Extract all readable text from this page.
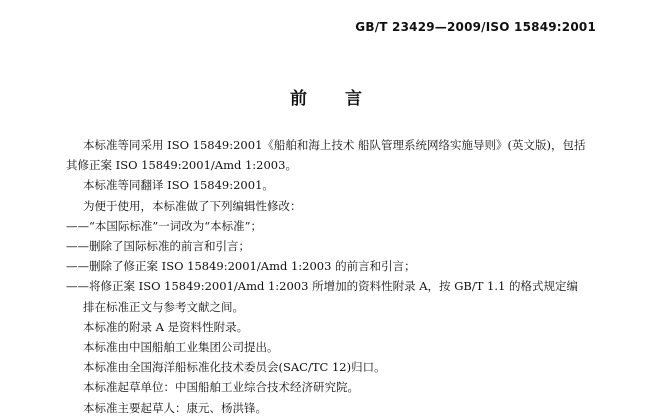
GB/T 23429—2009/ISO 15849:2001
前言

本标准等同采用 ISO 15849:2001《船舶和海上技术 船队管理系统网络实施导则》(英文版)，包括

其修正案 ISO 15849:2001/Amd 1:2003。

本标准等同翻译 ISO 15849:2001。

为便于使用，本标准做了下列编辑性修改：

——“本国际标准”一词改为“本标准”；

——删除了国际标准的前言和引言；

——删除了修正案 ISO 15849:2001/Amd 1:2003 的前言和引言；

——将修正案 ISO 15849:2001/Amd 1:2003 所增加的资料性附录 A，按 GB/T 1.1 的格式规定编

排在标准正文与参考文献之间。

本标准的附录 A 是资料性附录。

本标准由中国船舶工业集团公司提出。

本标准由全国海洋船标准化技术委员会(SAC/TC 12)归口。

本标准起草单位：中国船舶工业综合技术经济研究院。

本标准主要起草人：康元、杨洪锋。
